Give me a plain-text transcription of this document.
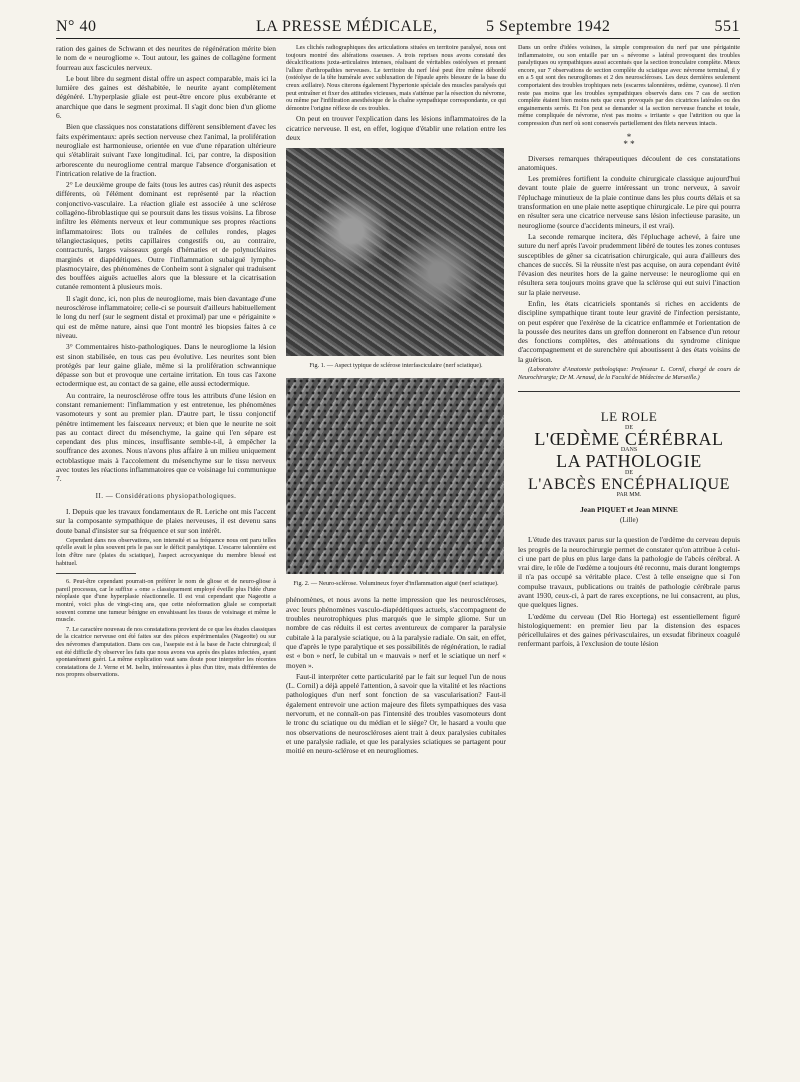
N° 40	LA PRESSE MÉDICALE,	5 Septembre 1942	551

ration des gaines de Schwann et des neurites de régénération mérite bien le nom de « neurogliome ». Tout autour, les gaines de collagène forment fourreau aux fascicules nerveux.

Le bout libre du segment distal offre un aspect comparable, mais ici la lumière des gaines est déshabitée, le neurite ayant complètement dégénéré. L'hyperplasie gliale est peut-être encore plus exubérante et anarchique que dans le segment proximal. Il s'agit donc bien d'un gliome 6.

Bien que classiques nos constatations diffèrent sensiblement d'avec les faits expérimentaux: après section nerveuse chez l'animal, la prolifération neurogliale est harmonieuse, orientée en vue d'une réparation ultérieure qui s'établirait suivant l'axe longitudinal. Ici, par contre, la disposition arborescente du neurogliome central marque l'absence d'organisation et l'intrication relative de la fraction.

2° Le deuxième groupe de faits (tous les autres cas) réunit des aspects différents, où l'élément dominant est représenté par la réaction conjonctivo-vasculaire. La réaction gliale est associée à une sclérose collagéno-fibroblastique qui se poursuit dans les tissus voisins. La fibrose infiltre les éléments nerveux et leur communique ses propres réactions inflammatoires: îlots ou traînées de cellules rondes, plages télangiectasiques, petits capillaires congestifs ou, au contraire, contracturés, larges vaisseaux gorgés d'hématies et de polynucléaires marginés et diapédétiques. Outre l'inflammation subaiguë lympho-plasmocytaire, des phénomènes de Conheim sont à signaler qui traduisent des bouffées aiguës actuelles alors que la blessure et la cicatrisation cutanée remontent à plusieurs mois.

Il s'agit donc, ici, non plus de neurogliome, mais bien davantage d'une neurosclérose inflammatoire; celle-ci se poursuit d'ailleurs habituellement le long du nerf (sur le segment distal et proximal) par une « périgainite » qui est de même nature, ainsi que l'ont montré les biopsies faites à ce niveau.

3° Commentaires histo-pathologiques. Dans le neurogliome la lésion est sinon stabilisée, en tous cas peu évolutive. Les neurites sont bien protégés par leur gaine gliale, même si la prolifération schwannique dépasse son but et provoque une certaine irritation. En tous cas l'axone ectodermique est, au contact de sa gaine, elle aussi ectodermique.

Au contraire, la neurosclérose offre tous les attributs d'une lésion en constant remaniement: l'inflammation y est entretenue, les phénomènes vasomoteurs y sont au premier plan. D'autre part, le tissu conjonctif pénètre intimement les faisceaux nerveux; et bien que le neurite ne soit pas au contact direct du mésenchyme, la gaine qui l'en sépare est cependant des plus minces, insuffisante semble-t-il, à empêcher la souffrance des axones. Nous n'avons plus affaire à un milieu uniquement ectoblastique mais à l'accolement du mésenchyme sur le tissu nerveux avec toutes les réactions inflammatoires que ce voisinage lui communique 7.

II. — Considérations physiopathologiques.

I. Depuis que les travaux fondamentaux de R. Leriche ont mis l'accent sur la composante sympathique de plaies nerveuses, il est devenu sans doute banal d'insister sur sa fréquence et sur son intérêt.

Cependant dans nos observations, son intensité et sa fréquence nous ont paru telles qu'elle avait le plus souvent pris le pas sur le déficit paralytique. L'escarre talonnière est loin d'être rare (plaies du sciatique), l'aspect acrocyanique du membre blessé est habituel.

6. Peut-être cependant pourrait-on préférer le nom de gliose et de neuro-gliose à pareil processus, car le suffixe « ome » classiquement employé éveille plus l'idée d'une néoplasie que d'une hyperplasie réactionnelle. Il est vrai cependant que Nageotte a montré, voici plus de vingt-cinq ans, que cette néoformation gliale se comportait souvent comme une tumeur bénigne en envahissant les tissus de voisinage et même le muscle.

7. Le caractère nouveau de nos constatations provient de ce que les études classiques de la cicatrice nerveuse ont été faites sur des pièces expérimentales (Nageotte) ou sur des névromes d'amputation. Dans ces cas, l'asepsie est à la base de l'acte chirurgical; il est été difficile d'y observer les faits que nous avons vus après des plaies infectées, ayant spontanément guéri. La même explication vaut sans doute pour interpréter les récentes constatations de J. Verne et M. Iselin, intéressantes à plus d'un titre, mais différentes de nos propres observations.

Les clichés radiographiques des articulations situées en territoire paralysé, nous ont toujours montré des altérations osseuses. A trois reprises nous avons constaté des décalcifications juxta-articulaires intenses, réalisant de véritables ostéolyses et prenant l'allure d'arthropathies nerveuses. Le territoire du nerf lésé peut être même débordé (ostéolyse de la tête humérale avec subluxation de l'épaule après blessure de la base du creux axillaire). Nous citerons également l'hypertonie spéciale des muscles paralysés qui peut entraîner et fixer des attitudes vicieuses, mais s'atténue par la résection du névrome, ou même par l'infiltration anesthésique de la chaîne sympathique correspondante, ce qui démontre l'origine réflexe de ces troubles.

On peut en trouver l'explication dans les lésions inflammatoires de la cicatrice nerveuse. Il est, en effet, logique d'établir une relation entre les deux

Fig. 1. — Aspect typique de sclérose interfasciculaire (nerf sciatique).
Fig. 2. — Neuro-sclérose. Volumineux foyer d'inflammation aiguë (nerf sciatique).

phénomènes, et nous avons la nette impression que les neuroscléroses, avec leurs phénomènes vasculo-diapédétiques actuels, s'accompagnent de troubles neurotrophiques plus marqués que le simple gliome. Sur un nombre de cas réduits il est certes aventureux de comparer la paralysie cubitale à la paralysie sciatique, ou à la paralysie radiale. On sait, en effet, que d'après le type paralytique et ses possibilités de régénération, le radial est « bon » nerf, le cubital un « mauvais » nerf et le sciatique un nerf « moyen ».

Faut-il interpréter cette particularité par le fait sur lequel l'un de nous (L. Cornil) a déjà appelé l'attention, à savoir que la vitalité et les réactions pathologiques d'un nerf sont fonction de sa vascularisation? Faut-il également entrevoir une action majeure des filets sympathiques des vasa nervorum, et ne connaît-on pas l'intensité des troubles vasomoteurs dont le tronc du sciatique ou du médian et le siège? Or, le hasard a voulu que nos observations de neuroscléroses aient trait à deux paralysies cubitales et une paralysie radiale, et que les paralysies sciatiques se partagent pour moitié en neuro-sclérose et en neurogliomes.

Dans un ordre d'idées voisines, la simple compression du nerf par une périgainite inflammatoire, ou son entaille par un « névrome » latéral provoquent des troubles paralytiques ou sympathiques aussi accentués que la section tronculaire complète. Mieux encore, sur 7 observations de section complète du sciatique avec névrome terminal, il y en a 5 qui sont des neurogliomes et 2 des neuroscléroses. Les deux dernières seulement comportaient des troubles trophiques nets (escarres talonnières, œdème, cyanose). Il n'en reste pas moins que les troubles sympathiques observés dans ces 7 cas de section complète étaient bien moins nets que ceux provoqués par des cicatrices latérales ou des engainements serrés. Et l'on peut se demander si la section nerveuse franche et totale, même compliquée de névrome, n'est pas moins « irritante » que l'attrition ou que la compression d'un nerf où sont conservés partiellement des filets nerveux intacts.

*
* *

Diverses remarques thérapeutiques découlent de ces constatations anatomiques.

Les premières fortifient la conduite chirurgicale classique aujourd'hui devant toute plaie de guerre intéressant un tronc nerveux, à savoir l'épluchage minutieux de la plaie continue dans les plus courts délais et sa transformation en une plaie nette aseptique chirurgicale. Le pire qui pourra en résulter sera une cicatrice nerveuse sans lésion infectieuse parasite, un neurogliome (source d'accidents mineurs, il est vrai).

La seconde remarque incitera, dès l'épluchage achevé, à faire une suture du nerf après l'avoir prudemment libéré de toutes les zones contuses susceptibles de gêner sa cicatrisation chirurgicale, qui aura d'ailleurs des chances de succès. Si la réussite n'est pas acquise, on aura cependant évité l'évasion des neurites hors de la gaine nerveuse: le neurogliome qui en résultera sera toujours moins grave que la sclérose qui eut suivi l'inaction sur la plaie nerveuse.

Enfin, les états cicatriciels spontanés si riches en accidents de discipline sympathique tirant toute leur gravité de l'infection persistante, on peut espérer que l'exérèse de la cicatrice enflammée et l'orientation de la poussée des neurites dans un greffon donneront en l'absence d'un retour des fonctions complètes, des atténuations du syndrome clinique d'accompagnement et de surenchère qui aboutissent à des états voisins de la guérison.

(Laboratoire d'Anatomie pathologique: Professeur L. Cornil, chargé de cours de Neurochirurgie; Dr M. Arnaud, de la Faculté de Médecine de Marseille.)

LE ROLE
DE
L'ŒDÈME CÉRÉBRAL
DANS
LA PATHOLOGIE
DE
L'ABCÈS ENCÉPHALIQUE
PAR MM.
Jean PIQUET et Jean MINNE
(Lille)

L'étude des travaux parus sur la question de l'œdème du cerveau depuis les progrès de la neurochirurgie permet de constater qu'on attribue à celui-ci une part de plus en plus large dans la pathologie de l'abcès cérébral. A vrai dire, le rôle de l'œdème a toujours été reconnu, mais durant longtemps il n'a pas occupé sa véritable place. C'est à telle enseigne que si l'on compulse travaux, publications ou traités de pathologie cérébrale parus avant 1930, ceux-ci, à part de rares exceptions, ne lui consacrent, au plus, que quelques lignes.

L'œdème du cerveau (Del Rio Hortega) est essentiellement figuré histologiquement: en premier lieu par la distension des espaces péricellulaires et des gaines périvasculaires, un exsudat fibrineux coagulé renfermant parfois, à l'exclusion de toute lésion
